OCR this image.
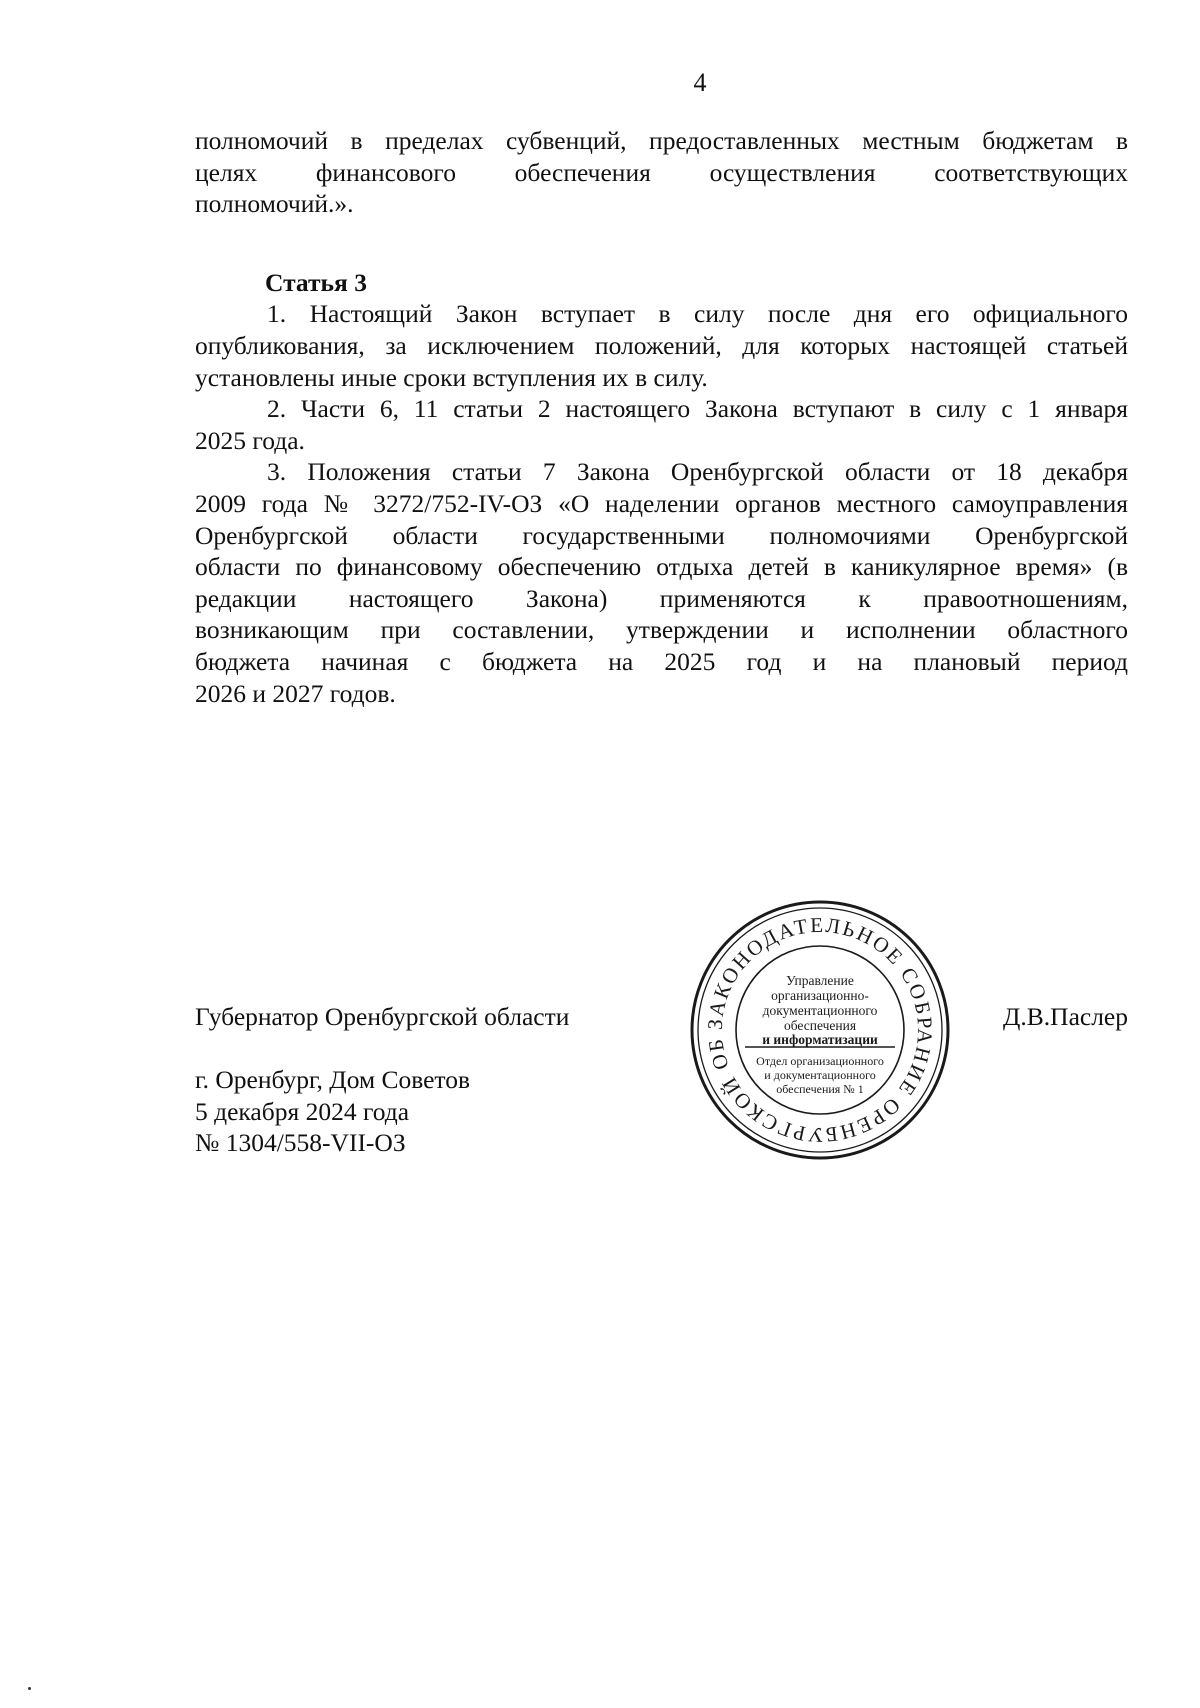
4
полномочий в пределах субвенций, предоставленных местным бюджетам в
целях финансового обеспечения осуществления соответствующих
полномочий.».
Статья 3
1. Настоящий Закон вступает в силу после дня его официального
опубликования, за исключением положений, для которых настоящей статьей
установлены иные сроки вступления их в силу.
2. Части 6, 11 статьи 2 настоящего Закона вступают в силу с 1 января
2025 года.
3. Положения статьи 7 Закона Оренбургской области от 18 декабря
2009 года № 3272/752-IV-ОЗ «О наделении органов местного самоуправления
Оренбургской области государственными полномочиями Оренбургской
области по финансовому обеспечению отдыха детей в каникулярное время» (в
редакции настоящего Закона) применяются к правоотношениям,
возникающим при составлении, утверждении и исполнении областного
бюджета начиная с бюджета на 2025 год и на плановый период
2026 и 2027 годов.
Губернатор Оренбургской области	Д.В.Паслер
г. Оренбург, Дом Советов
5 декабря 2024 года
№ 1304/558-VII-ОЗ
ЗАКОНОДАТЕЛЬНОЕ СОБРАНИЕ ОРЕНБУРГСКОЙ ОБ
Управление
организационно-
документационного
обеспечения
и информатизации
Отдел организационного
и документационного
обеспечения № 1
